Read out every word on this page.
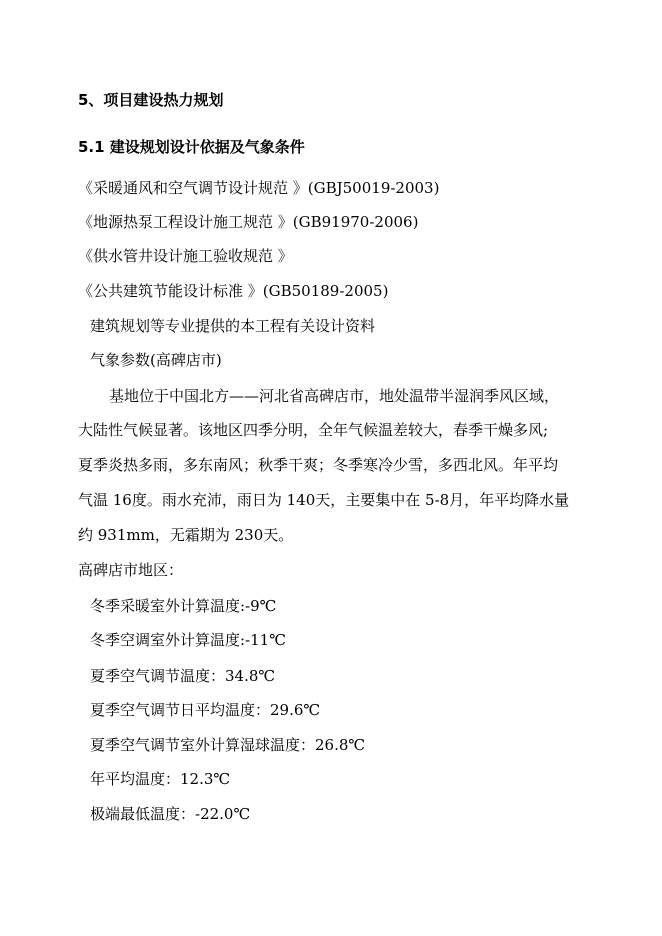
5、项目建设热力规划
5.1 建设规划设计依据及气象条件
《采暖通风和空气调节设计规范 》(GBJ50019-2003)
《地源热泵工程设计施工规范 》(GB91970-2006)
《供水管井设计施工验收规范 》
《公共建筑节能设计标准 》(GB50189-2005)
建筑规划等专业提供的本工程有关设计资料
气象参数(高碑店市)
基地位于中国北方——河北省高碑店市，地处温带半湿润季风区域，
大陆性气候显著。该地区四季分明，全年气候温差较大，春季干燥多风;
夏季炎热多雨，多东南风；秋季干爽；冬季寒冷少雪，多西北风。年平均
气温 16度。雨水充沛，雨日为 140天，主要集中在 5-8月，年平均降水量
约 931mm，无霜期为 230天。
高碑店市地区：
冬季采暖室外计算温度:-9℃
冬季空调室外计算温度:-11℃
夏季空气调节温度：34.8℃
夏季空气调节日平均温度：29.6℃
夏季空气调节室外计算湿球温度：26.8℃
年平均温度：12.3℃
极端最低温度：-22.0℃
